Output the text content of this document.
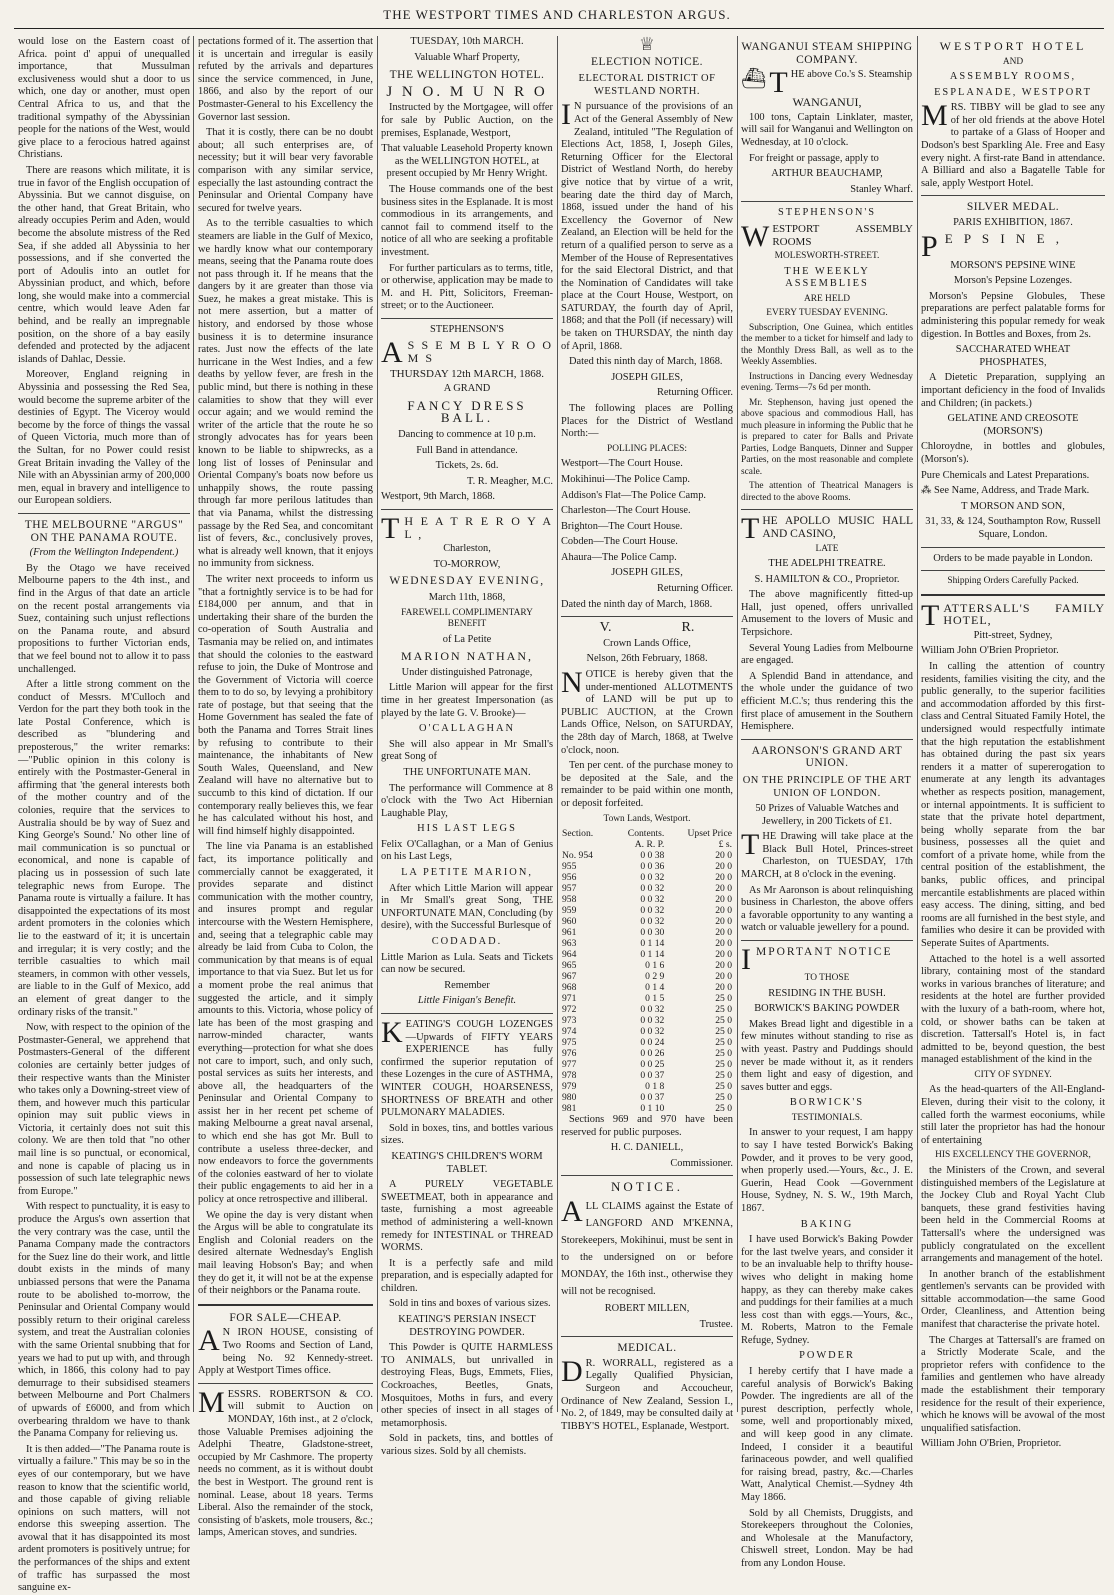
THE WESTPORT TIMES AND CHARLESTON ARGUS.

would lose on the Eastern coast of Africa. point d' appui of unequalled importance, that Mussulman exclusiveness would shut a door to us which, one day or another, must open Central Africa to us, and that the traditional sympathy of the Abyssinian people for the nations of the West, would give place to a ferocious hatred against Christians.

There are reasons which militate, it is true in favor of the English occupation of Abyssinia. But we cannot disguise, on the other hand, that Great Britain, who already occupies Perim and Aden, would become the absolute mistress of the Red Sea, if she added all Abyssinia to her possessions, and if she converted the port of Adoulis into an outlet for Abyssinian product, and which, before long, she would make into a commercial centre, which would leave Aden far behind, and be really an impregnable position, on the shore of a bay easily defended and protected by the adjacent islands of Dahlac, Dessie.

Moreover, England reigning in Abyssinia and possessing the Red Sea, would become the supreme arbiter of the destinies of Egypt. The Viceroy would become by the force of things the vassal of Queen Victoria, much more than of the Sultan, for no Power could resist Great Britain invading the Valley of the Nile with an Abyssinian army of 200,000 men, equal in bravery and intelligence to our European soldiers.

THE MELBOURNE "ARGUS" ON THE PANAMA ROUTE.

(From the Wellington Independent.)

By the Otago we have received Melbourne papers to the 4th inst., and find in the Argus of that date an article on the recent postal arrangements via Suez, containing such unjust reflections on the Panama route, and absurd propositions to further Victorian ends, that we feel bound not to allow it to pass unchallenged.

After a little strong comment on the conduct of Messrs. M'Culloch and Verdon for the part they both took in the late Postal Conference, which is described as "blundering and preposterous," the writer remarks:—"Public opinion in this colony is entirely with the Postmaster-General in affirming that 'the general interests both of the mother country and of the colonies, require that the services to Australia should be by way of Suez and King George's Sound.' No other line of mail communication is so punctual or economical, and none is capable of placing us in possession of such late telegraphic news from Europe. The Panama route is virtually a failure. It has disappointed the expectations of its most ardent promoters in the colonies which lie to the eastward of it; it is uncertain and irregular; it is very costly; and the terrible casualties to which mail steamers, in common with other vessels, are liable to in the Gulf of Mexico, add an element of great danger to the ordinary risks of the transit."

Now, with respect to the opinion of the Postmaster-General, we apprehend that Postmasters-General of the different colonies are certainly better judges of their respective wants than the Minister who takes only a Downing-street view of them, and however much this particular opinion may suit public views in Victoria, it certainly does not suit this colony. We are then told that "no other mail line is so punctual, or economical, and none is capable of placing us in possession of such late telegraphic news from Europe."

With respect to punctuality, it is easy to produce the Argus's own assertion that the very contrary was the case, until the Panama Company made the contractors for the Suez line do their work, and little doubt exists in the minds of many unbiassed persons that were the Panama route to be abolished to-morrow, the Peninsular and Oriental Company would possibly return to their original careless system, and treat the Australian colonies with the same Oriental snubbing that for years we had to put up with, and through which, in 1866, this colony had to pay demurrage to their subsidised steamers between Melbourne and Port Chalmers of upwards of £6000, and from which overbearing thraldom we have to thank the Panama Company for relieving us.

It is then added—"The Panama route is virtually a failure." This may be so in the eyes of our contemporary, but we have reason to know that the scientific world, and those capable of giving reliable opinions on such matters, will not endorse this sweeping assertion. The avowal that it has disappointed its most ardent promoters is positively untrue; for the performances of the ships and extent of traffic has surpassed the most sanguine ex-

pectations formed of it. The assertion that it is uncertain and irregular is easily refuted by the arrivals and departures since the service commenced, in June, 1866, and also by the report of our Postmaster-General to his Excellency the Governor last session.

That it is costly, there can be no doubt about; all such enterprises are, of necessity; but it will bear very favorable comparison with any similar service, especially the last astounding contract the Peninsular and Oriental Company have secured for twelve years.

As to the terrible casualties to which steamers are liable in the Gulf of Mexico, we hardly know what our contemporary means, seeing that the Panama route does not pass through it. If he means that the dangers by it are greater than those via Suez, he makes a great mistake. This is not mere assertion, but a matter of history, and endorsed by those whose business it is to determine insurance rates. Just now the effects of the late hurricane in the West Indies, and a few deaths by yellow fever, are fresh in the public mind, but there is nothing in these calamities to show that they will ever occur again; and we would remind the writer of the article that the route he so strongly advocates has for years been known to be liable to shipwrecks, as a long list of losses of Peninsular and Oriental Company's boats now before us unhappily shows, the route passing through far more perilous latitudes than that via Panama, whilst the distressing passage by the Red Sea, and concomitant list of fevers, &c., conclusively proves, what is already well known, that it enjoys no immunity from sickness.

The writer next proceeds to inform us "that a fortnightly service is to be had for £184,000 per annum, and that in undertaking their share of the burden the co-operation of South Australia and Tasmania may be relied on, and intimates that should the colonies to the eastward refuse to join, the Duke of Montrose and the Government of Victoria will coerce them to to do so, by levying a prohibitory rate of postage, but that seeing that the Home Government has sealed the fate of both the Panama and Torres Strait lines by refusing to contribute to their maintenance, the inhabitants of New South Wales, Queensland, and New Zealand will have no alternative but to succumb to this kind of dictation. If our contemporary really believes this, we fear he has calculated without his host, and will find himself highly disappointed.

The line via Panama is an established fact, its importance politically and commercially cannot be exaggerated, it provides separate and distinct communication with the mother country, and insures prompt and regular intercourse with the Western Hemisphere, and, seeing that a telegraphic cable may already be laid from Cuba to Colon, the communication by that means is of equal importance to that via Suez. But let us for a moment probe the real animus that suggested the article, and it simply amounts to this. Victoria, whose policy of late has been of the most grasping and narrow-minded character, wants everything—protection for what she does not care to import, such, and only such, postal services as suits her interests, and above all, the headquarters of the Peninsular and Oriental Company to assist her in her recent pet scheme of making Melbourne a great naval arsenal, to which end she has got Mr. Bull to contribute a useless three-decker, and now endeavors to force the governments of the colonies eastward of her to violate their public engagements to aid her in a policy at once retrospective and illiberal.

We opine the day is very distant when the Argus will be able to congratulate its English and Colonial readers on the desired alternate Wednesday's English mail leaving Hobson's Bay; and when they do get it, it will not be at the expense of their neighbors or the Panama route.

FOR SALE—CHEAP.

A N IRON HOUSE, consisting of Two Rooms and Section of Land, being No. 92 Kennedy-street. Apply at Westport Times office.

MESSRS. ROBERTSON & CO. will submit to Auction on MONDAY, 16th inst., at 2 o'clock, those Valuable Premises adjoining the Adelphi Theatre, Gladstone-street, occupied by Mr Cashmore. The property needs no comment, as it is without doubt the best in Westport. The ground rent is nominal. Lease, about 18 years. Terms Liberal. Also the remainder of the stock, consisting of b'askets, mole trousers, &c.; lamps, American stoves, and sundries.

TUESDAY, 10th MARCH.

Valuable Wharf Property,

THE WELLINGTON HOTEL.

J N O. M U N R O

Instructed by the Mortgagee, will offer for sale by Public Auction, on the premises, Esplanade, Westport,

That valuable Leasehold Property known as the WELLINGTON HOTEL, at present occupied by Mr Henry Wright.

The House commands one of the best business sites in the Esplanade. It is most commodious in its arrangements, and cannot fail to commend itself to the notice of all who are seeking a profitable investment.

For further particulars as to terms, title, or otherwise, application may be made to M. and H. Pitt, Solicitors, Freeman-street; or to the Auctioneer.

STEPHENSON'S

A S S E M B L Y R O O M S

THURSDAY 12th MARCH, 1868.

A GRAND

FANCY DRESS BALL.

Dancing to commence at 10 p.m.

Full Band in attendance.

Tickets, 2s. 6d.

T. R. Meagher, M.C.

Westport, 9th March, 1868.

T H E A T R E R O Y A L ,

Charleston,

TO-MORROW,

WEDNESDAY EVENING,

March 11th, 1868,

FAREWELL COMPLIMENTARY BENEFIT

of La Petite

MARION NATHAN,

Under distinguished Patronage,

Little Marion will appear for the first time in her greatest Impersonation (as played by the late G. V. Brooke)—

O'CALLAGHAN

She will also appear in Mr Small's great Song of

THE UNFORTUNATE MAN.

The performance will Commence at 8 o'clock with the Two Act Hibernian Laughable Play,

HIS LAST LEGS

Felix O'Callaghan, or a Man of Genius on his Last Legs,

LA PETITE MARION,

After which Little Marion will appear in Mr Small's great Song, THE UNFORTUNATE MAN, Concluding (by desire), with the Successful Burlesque of

CODADAD.

Little Marion as Lula. Seats and Tickets can now be secured.

Remember

Little Finigan's Benefit.

KEATING'S COUGH LOZENGES —Upwards of FIFTY YEARS EXPERIENCE has fully confirmed the superior reputation of these Lozenges in the cure of ASTHMA, WINTER COUGH, HOARSENESS, SHORTNESS OF BREATH and other PULMONARY MALADIES.

Sold in boxes, tins, and bottles various sizes.

KEATING'S CHILDREN'S WORM TABLET.

A PURELY VEGETABLE SWEETMEAT, both in appearance and taste, furnishing a most agreeable method of administering a well-known remedy for INTESTINAL or THREAD WORMS.

It is a perfectly safe and mild preparation, and is especially adapted for children.

Sold in tins and boxes of various sizes.

KEATING'S PERSIAN INSECT DESTROYING POWDER.

This Powder is QUITE HARMLESS TO ANIMALS, but unrivalled in destroying Fleas, Bugs, Emmets, Flies, Cockroaches, Beetles, Gnats, Mosquitoes, Moths in furs, and every other species of insect in all stages of metamorphosis.

Sold in packets, tins, and bottles of various sizes. Sold by all chemists.

♕

ELECTION NOTICE.

ELECTORAL DISTRICT OF WESTLAND NORTH.

I N pursuance of the provisions of an Act of the General Assembly of New Zealand, intituled "The Regulation of Elections Act, 1858, I, Joseph Giles, Returning Officer for the Electoral District of Westland North, do hereby give notice that by virtue of a writ, bearing date the third day of March, 1868, issued under the hand of his Excellency the Governor of New Zealand, an Election will be held for the return of a qualified person to serve as a Member of the House of Representatives for the said Electoral District, and that the Nomination of Candidates will take place at the Court House, Westport, on SATURDAY, the fourth day of April, 1868; and that the Poll (if necessary) will be taken on THURSDAY, the ninth day of April, 1868.

Dated this ninth day of March, 1868.

JOSEPH GILES,

Returning Officer.

The following places are Polling Places for the District of Westland North:—

POLLING PLACES:

Westport—The Court House.

Mokihinui—The Police Camp.

Addison's Flat—The Police Camp.

Charleston—The Court House.

Brighton—The Court House.

Cobden—The Court House.

Ahaura—The Police Camp.

JOSEPH GILES,

Returning Officer.

Dated the ninth day of March, 1868.

V.                    R.

Crown Lands Office,

Nelson, 26th February, 1868.

NOTICE is hereby given that the under-mentioned ALLOTMENTS of LAND will be put up to PUBLIC AUCTION, at the Crown Lands Office, Nelson, on SATURDAY, the 28th day of March, 1868, at Twelve o'clock, noon.

Ten per cent. of the purchase money to be deposited at the Sale, and the remainder to be paid within one month, or deposit forfeited.

Town Lands, Westport.

Section.	Contents.	Upset Price
	A. R. P.	£ s.
No. 954	0 0 38	20 0
955	0 0 36	20 0
956	0 0 32	20 0
957	0 0 32	20 0
958	0 0 32	20 0
959	0 0 32	20 0
960	0 0 32	20 0
961	0 0 30	20 0
963	0 1 14	20 0
964	0 1 14	20 0
965	0 1 6	20 0
967	0 2 9	20 0
968	0 1 4	20 0
971	0 1 5	25 0
972	0 0 32	25 0
973	0 0 32	25 0
974	0 0 32	25 0
975	0 0 24	25 0
976	0 0 26	25 0
977	0 0 25	25 0
978	0 0 37	25 0
979	0 1 8	25 0
980	0 0 37	25 0
981	0 1 10	25 0

Sections 969 and 970 have been reserved for public purposes.

H. C. DANIELL,

Commissioner.

NOTICE.

ALL CLAIMS against the Estate of LANGFORD AND M'KENNA, Storekeepers, Mokihinui, must be sent in to the undersigned on or before MONDAY, the 16th inst., otherwise they will not be recognised.

ROBERT MILLEN,

Trustee.

MEDICAL.

D R. WORRALL, registered as a Legally Qualified Physician, Surgeon and Accoucheur, Ordinance of New Zealand, Session I., No. 2, of 1849, may be consulted daily at TIBBY'S HOTEL, Esplanade, Westport.

WANGANUI STEAM SHIPPING COMPANY.

⛴ T HE above Co.'s S. Steamship

WANGANUI,

100 tons, Captain Linklater, master, will sail for Wanganui and Wellington on Wednesday, at 10 o'clock.

For freight or passage, apply to

ARTHUR BEAUCHAMP,

Stanley Wharf.

STEPHENSON'S

WESTPORT ASSEMBLY ROOMS

MOLESWORTH-STREET.

THE WEEKLY ASSEMBLIES

ARE HELD

EVERY TUESDAY EVENING.

Subscription, One Guinea, which entitles the member to a ticket for himself and lady to the Monthly Dress Ball, as well as to the Weekly Assemblies.

Instructions in Dancing every Wednesday evening. Terms—7s 6d per month.

Mr. Stephenson, having just opened the above spacious and commodious Hall, has much pleasure in informing the Public that he is prepared to cater for Balls and Private Parties, Lodge Banquets, Dinner and Supper Parties, on the most reasonable and complete scale.

The attention of Theatrical Managers is directed to the above Rooms.

THE APOLLO MUSIC HALL AND CASINO,

LATE

THE ADELPHI TREATRE.

S. HAMILTON & CO., Proprietor.

The above magnificently fitted-up Hall, just opened, offers unrivalled Amusement to the lovers of Music and Terpsichore.

Several Young Ladies from Melbourne are engaged.

A Splendid Band in attendance, and the whole under the guidance of two efficient M.C.'s; thus rendering this the first place of amusement in the Southern Hemisphere.

AARONSON'S GRAND ART UNION.

ON THE PRINCIPLE OF THE ART UNION OF LONDON.

50 Prizes of Valuable Watches and Jewellery, in 200 Tickets of £1.

THE Drawing will take place at the Black Bull Hotel, Princes-street Charleston, on TUESDAY, 17th MARCH, at 8 o'clock in the evening.

As Mr Aaronson is about relinquishing business in Charleston, the above offers a favorable opportunity to any wanting a watch or valuable jewellery for a pound.

IMPORTANT NOTICE

TO THOSE

RESIDING IN THE BUSH.

BORWICK'S BAKING POWDER

Makes Bread light and digestible in a few minutes without standing to rise as with yeast. Pastry and Puddings should never be made without it, as it renders them light and easy of digestion, and saves butter and eggs.

BORWICK'S

TESTIMONIALS.

In answer to your request, I am happy to say I have tested Borwick's Baking Powder, and it proves to be very good, when properly used.—Yours, &c., J. E. Guerin, Head Cook —Government House, Sydney, N. S. W., 19th March, 1867.

BAKING

I have used Borwick's Baking Powder for the last twelve years, and consider it to be an invaluable help to thrifty house-wives who delight in making home happy, as they can thereby make cakes and puddings for their families at a much less cost than with eggs.—Yours, &c., M. Roberts, Matron to the Female Refuge, Sydney.

POWDER

I hereby certify that I have made a careful analysis of Borwick's Baking Powder. The ingredients are all of the purest description, perfectly whole, some, well and proportionably mixed, and will keep good in any climate. Indeed, I consider it a beautiful farinaceous powder, and well qualified for raising bread, pastry, &c.—Charles Watt, Analytical Chemist.—Sydney 4th May 1866.

Sold by all Chemists, Druggists, and Storekeepers throughout the Colonies, and Wholesale at the Manufactory, Chiswell street, London. May be had from any London House.

WESTPORT HOTEL

AND

ASSEMBLY ROOMS,

ESPLANADE, WESTPORT

MRS. TIBBY will be glad to see any of her old friends at the above Hotel to partake of a Glass of Hooper and Dodson's best Sparkling Ale. Free and Easy every night. A first-rate Band in attendance. A Billiard and also a Bagatelle Table for sale, apply Westport Hotel.

SILVER MEDAL.

PARIS EXHIBITION, 1867.

P E P S I N E ,

MORSON'S PEPSINE WINE

Morson's Pepsine Lozenges.

Morson's Pepsine Globules, These preparations are perfect palatable forms for administering this popular remedy for weak digestion. In Bottles and Boxes, from 2s.

SACCHARATED WHEAT PHOSPHATES,

A Dietetic Preparation, supplying an important deficiency in the food of Invalids and Children; (in packets.)

GELATINE AND CREOSOTE (MORSON'S)

Chloroydne, in bottles and globules, (Morson's).

Pure Chemicals and Latest Preparations.

⁂ See Name, Address, and Trade Mark.

T MORSON AND SON,

31, 33, & 124, Southampton Row, Russell Square, London.

Orders to be made payable in London.

Shipping Orders Carefully Packed.

TATTERSALL'S FAMILY HOTEL,

Pitt-street, Sydney,

William John O'Brien Proprietor.

In calling the attention of country residents, families visiting the city, and the public generally, to the superior facilities and accommodation afforded by this first-class and Central Situated Family Hotel, the undersigned would respectfully intimate that the high reputation the establishment has obtained during the past six years renders it a matter of supererogation to enumerate at any length its advantages whether as respects position, management, or internal appointments. It is sufficient to state that the private hotel department, being wholly separate from the bar business, possesses all the quiet and comfort of a private home, while from the central position of the establishment, the banks, public offices, and principal mercantile establishments are placed within easy access. The dining, sitting, and bed rooms are all furnished in the best style, and families who desire it can be provided with Seperate Suites of Apartments.

Attached to the hotel is a well assorted library, containing most of the standard works in various branches of literature; and residents at the hotel are further provided with the luxury of a bath-room, where hot, cold, or shower baths can be taken at discretion. Tattersall's Hotel is, in fact admitted to be, beyond question, the best managed establishment of the kind in the

CITY OF SYDNEY.

As the head-quarters of the All-England-Eleven, during their visit to the colony, it called forth the warmest eoconiums, while still later the proprietor has had the honour of entertaining

HIS EXCELLENCY THE GOVERNOR,

the Ministers of the Crown, and several distinguished members of the Legislature at the Jockey Club and Royal Yacht Club banquets, these grand festivities having been held in the Commercial Rooms at Tattersall's where the undersigned was publicly congratulated on the excellent arrangements and management of the hotel.

In another branch of the establishment gentlemen's servants can be provided with sittable accommodation—the same Good Order, Cleanliness, and Attention being manifest that characterise the private hotel.

The Charges at Tattersall's are framed on a Strictly Moderate Scale, and the proprietor refers with confidence to the families and gentlemen who have already made the establishment their temporary residence for the result of their experience, which he knows will be avowal of the most unqualified satisfaction.

William John O'Brien, Proprietor.
